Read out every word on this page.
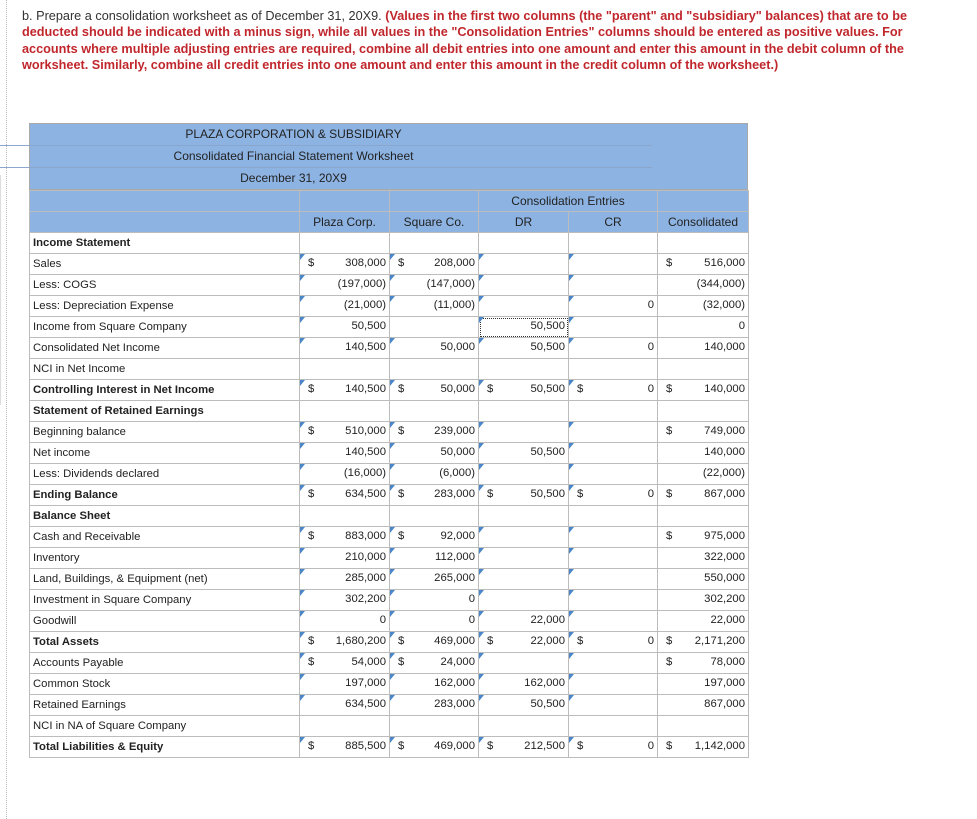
b. Prepare a consolidation worksheet as of December 31, 20X9. (Values in the first two columns (the "parent" and "subsidiary" balances) that are to be deducted should be indicated with a minus sign, while all values in the "Consolidation Entries" columns should be entered as positive values. For accounts where multiple adjusting entries are required, combine all debit entries into one amount and enter this amount in the debit column of the worksheet. Similarly, combine all credit entries into one amount and enter this amount in the credit column of the worksheet.)
PLAZA CORPORATION & SUBSIDIARY
Consolidated Financial Statement Worksheet
December 31, 20X9
			Consolidation Entries		
	Plaza Corp.	Square Co.	DR	CR	Consolidated
Income Statement					
Sales	$ 308,000	$ 208,000			$ 516,000

Less: COGS	(197,000)	(147,000)			(344,000)

Less: Depreciation Expense	(21,000)	(11,000)		0	(32,000)

Income from Square Company	50,500		50,500		0

Consolidated Net Income	140,500	50,000	50,500	0	140,000

NCI in Net Income	

Controlling Interest in Net Income	$ 140,500	$ 50,000	$ 50,500	$ 0	$ 140,000

Statement of Retained Earnings					
Beginning balance	$ 510,000	$ 239,000			$ 749,000

Net income	140,500	50,000	50,500		140,000

Less: Dividends declared	(16,000)	(6,000)			(22,000)

Ending Balance	$ 634,500	$ 283,000	$ 50,500	$ 0	$ 867,000

Balance Sheet					
Cash and Receivable	$ 883,000	$ 92,000			$ 975,000

Inventory	210,000	112,000			322,000

Land, Buildings, & Equipment (net)	285,000	265,000			550,000

Investment in Square Company	302,200	0			302,200

Goodwill	0	0	22,000		22,000

Total Assets	$ 1,680,200	$ 469,000	$ 22,000	$ 0	$ 2,171,200

Accounts Payable	$ 54,000	$ 24,000			$ 78,000

Common Stock	197,000	162,000	162,000		197,000

Retained Earnings	634,500	283,000	50,500		867,000

NCI in NA of Square Company	

Total Liabilities & Equity	$ 885,500	$ 469,000	$ 212,500	$ 0	$ 1,142,000
